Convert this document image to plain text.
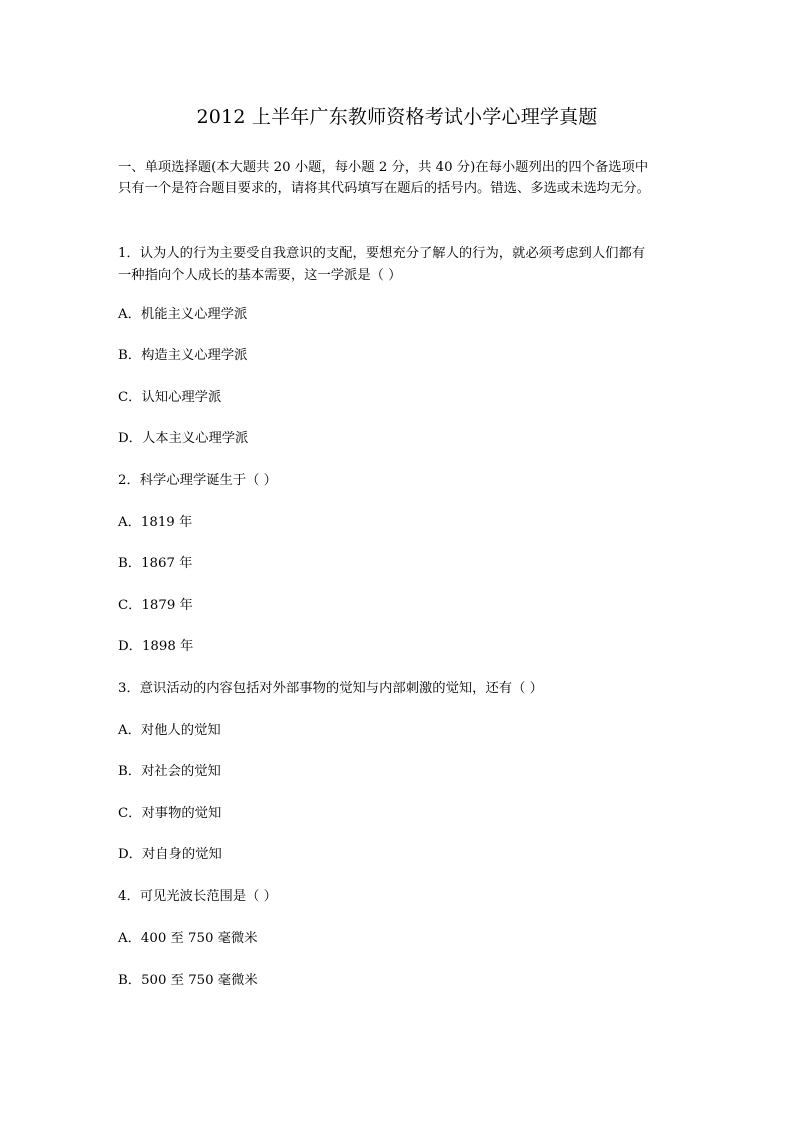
2012 上半年广东教师资格考试小学心理学真题
一、单项选择题(本大题共 20 小题，每小题 2 分，共 40 分)在每小题列出的四个备选项中
只有一个是符合题目要求的，请将其代码填写在题后的括号内。错选、多选或未选均无分。
1．认为人的行为主要受自我意识的支配，要想充分了解人的行为，就必须考虑到人们都有
一种指向个人成长的基本需要，这一学派是（ ）
A．机能主义心理学派
B．构造主义心理学派
C．认知心理学派
D．人本主义心理学派
2．科学心理学诞生于（ ）
A．1819 年
B．1867 年
C．1879 年
D．1898 年
3．意识活动的内容包括对外部事物的觉知与内部刺激的觉知，还有（ ）
A．对他人的觉知
B．对社会的觉知
C．对事物的觉知
D．对自身的觉知
4．可见光波长范围是（ ）
A．400 至 750 毫微米
B．500 至 750 毫微米
